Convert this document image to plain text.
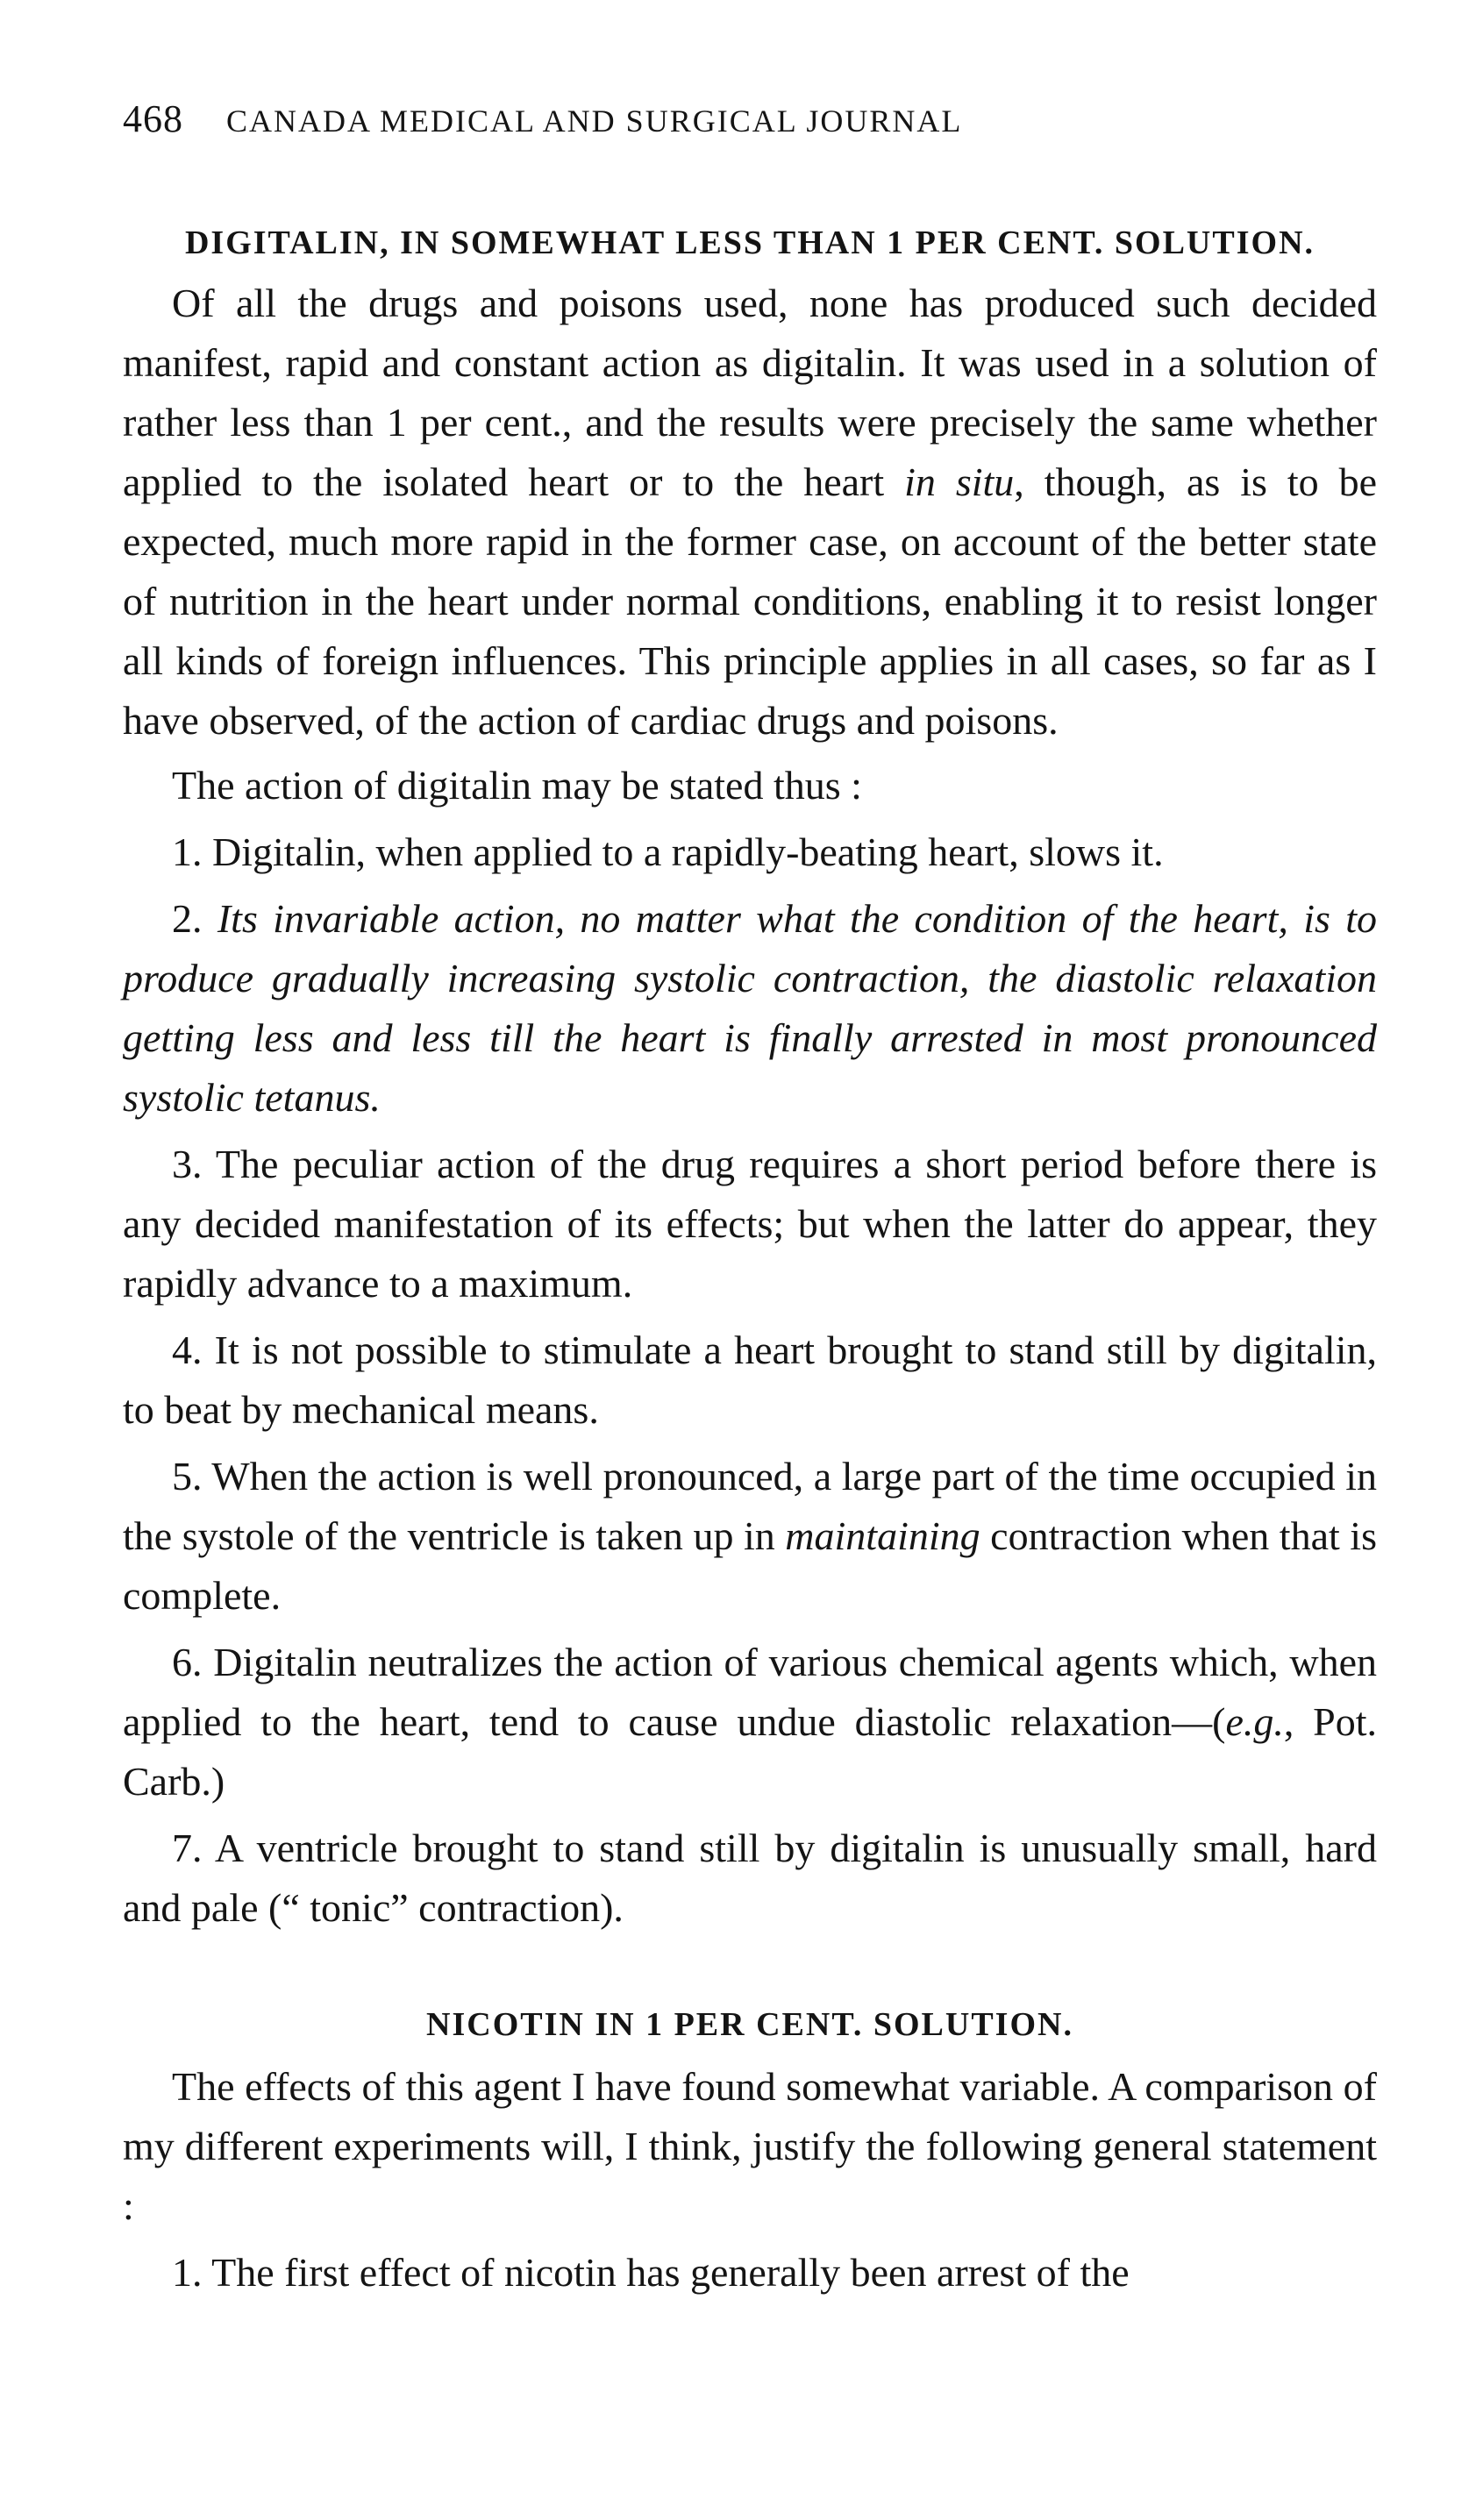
468	CANADA MEDICAL AND SURGICAL JOURNAL
DIGITALIN, IN SOMEWHAT LESS THAN 1 PER CENT. SOLUTION.

Of all the drugs and poisons used, none has produced such decided manifest, rapid and constant action as digitalin. It was used in a solution of rather less than 1 per cent., and the results were precisely the same whether applied to the isolated heart or to the heart in situ, though, as is to be expected, much more rapid in the former case, on account of the better state of nutrition in the heart under normal conditions, enabling it to resist longer all kinds of foreign influences. This principle applies in all cases, so far as I have observed, of the action of cardiac drugs and poisons.

The action of digitalin may be stated thus :

1. Digitalin, when applied to a rapidly-beating heart, slows it.

2. Its invariable action, no matter what the condition of the heart, is to produce gradually increasing systolic contraction, the diastolic relaxation getting less and less till the heart is finally arrested in most pronounced systolic tetanus.

3. The peculiar action of the drug requires a short period before there is any decided manifestation of its effects; but when the latter do appear, they rapidly advance to a maximum.

4. It is not possible to stimulate a heart brought to stand still by digitalin, to beat by mechanical means.

5. When the action is well pronounced, a large part of the time occupied in the systole of the ventricle is taken up in maintaining contraction when that is complete.

6. Digitalin neutralizes the action of various chemical agents which, when applied to the heart, tend to cause undue diastolic relaxation—(e.g., Pot. Carb.)

7. A ventricle brought to stand still by digitalin is unusually small, hard and pale (“ tonic” contraction).

NICOTIN IN 1 PER CENT. SOLUTION.

The effects of this agent I have found somewhat variable. A comparison of my different experiments will, I think, justify the following general statement :

1. The first effect of nicotin has generally been arrest of the
